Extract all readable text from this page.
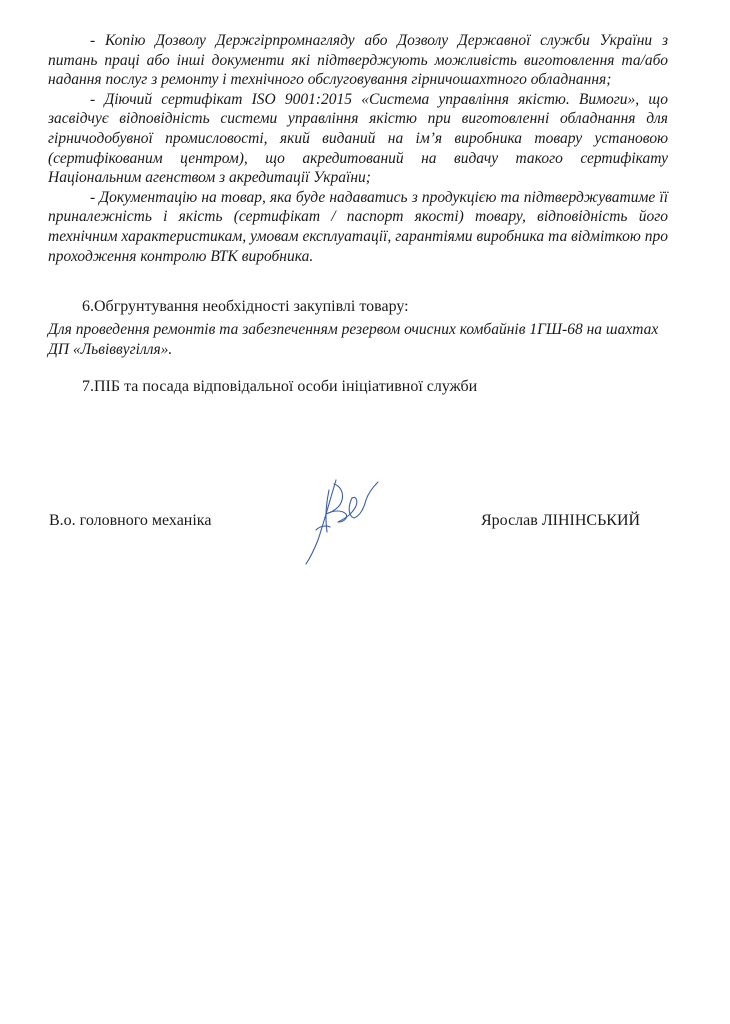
- Копію Дозволу Держгірпромнагляду або Дозволу Державної служби України з питань праці або інші документи які підтверджують можливість виготовлення та/або надання послуг з ремонту і технічного обслуговування гірничошахтного обладнання;

- Діючий сертифікат ISO 9001:2015 «Система управління якістю. Вимоги», що засвідчує відповідність системи управління якістю при виготовленні обладнання для гірничодобувної промисловості, який виданий на ім’я виробника товару установою (сертифікованим центром), що акредитований на видачу такого сертифікату Національним агенством з акредитації України;

- Документацію на товар, яка буде надаватись з продукцією та підтверджуватиме її приналежність і якість (сертифікат / паспорт якості) товару, відповідність його технічним характеристикам, умовам експлуатації, гарантіями виробника та відміткою про проходження контролю ВТК виробника.

6.Обгрунтування необхідності закупівлі товару:

Для проведення ремонтів та забезпеченням резервом очисних комбайнів 1ГШ-68 на шахтах ДП «Львіввугілля».

7.ПІБ та посада відповідальної особи ініціативної служби
В.о. головного механіка	Ярослав ЛІНІНСЬКИЙ
